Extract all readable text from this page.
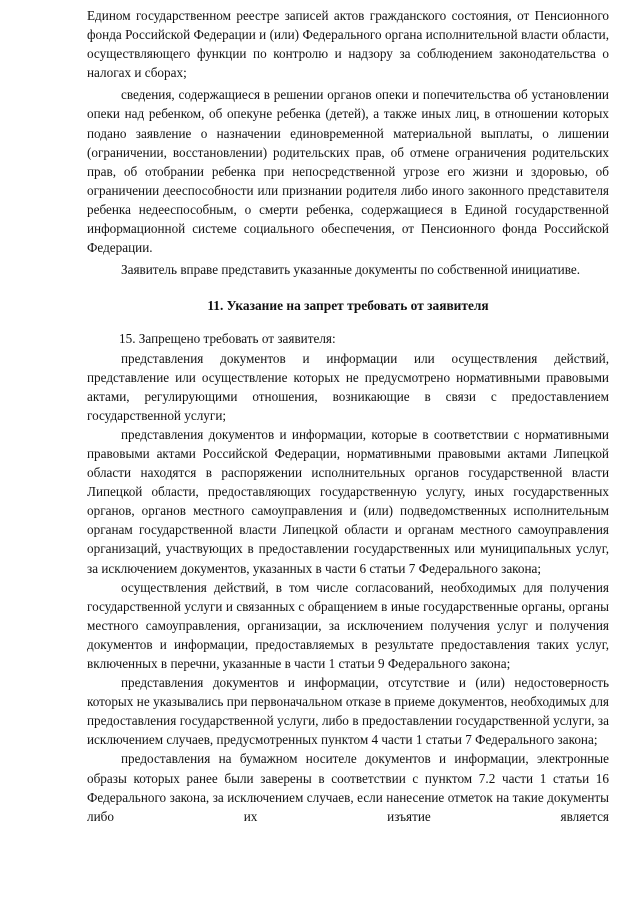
Едином государственном реестре записей актов гражданского состояния, от Пенсионного фонда Российской Федерации и (или) Федерального органа исполнительной власти области, осуществляющего функции по контролю и надзору за соблюдением законодательства о налогах и сборах;

сведения, содержащиеся в решении органов опеки и попечительства об установлении опеки над ребенком, об опекуне ребенка (детей), а также иных лиц, в отношении которых подано заявление о назначении единовременной материальной выплаты, о лишении (ограничении, восстановлении) родительских прав, об отмене ограничения родительских прав, об отобрании ребенка при непосредственной угрозе его жизни и здоровью, об ограничении дееспособности или признании родителя либо иного законного представителя ребенка недееспособным, о смерти ребенка, содержащиеся в Единой государственной информационной системе социального обеспечения, от Пенсионного фонда Российской Федерации.

Заявитель вправе представить указанные документы по собственной инициативе.

11. Указание на запрет требовать от заявителя

15. Запрещено требовать от заявителя:

представления документов и информации или осуществления действий, представление или осуществление которых не предусмотрено нормативными правовыми актами, регулирующими отношения, возникающие в связи с предоставлением государственной услуги;

представления документов и информации, которые в соответствии с нормативными правовыми актами Российской Федерации, нормативными правовыми актами Липецкой области находятся в распоряжении исполнительных органов государственной власти Липецкой области, предоставляющих государственную услугу, иных государственных органов, органов местного самоуправления и (или) подведомственных исполнительным органам государственной власти Липецкой области и органам местного самоуправления организаций, участвующих в предоставлении государственных или муниципальных услуг, за исключением документов, указанных в части 6 статьи 7 Федерального закона;

осуществления действий, в том числе согласований, необходимых для получения государственной услуги и связанных с обращением в иные государственные органы, органы местного самоуправления, организации, за исключением получения услуг и получения документов и информации, предоставляемых в результате предоставления таких услуг, включенных в перечни, указанные в части 1 статьи 9 Федерального закона;

представления документов и информации, отсутствие и (или) недостоверность которых не указывались при первоначальном отказе в приеме документов, необходимых для предоставления государственной услуги, либо в предоставлении государственной услуги, за исключением случаев, предусмотренных пунктом 4 части 1 статьи 7 Федерального закона;

предоставления на бумажном носителе документов и информации, электронные образы которых ранее были заверены в соответствии с пунктом 7.2 части 1 статьи 16 Федерального закона, за исключением случаев, если нанесение отметок на такие документы либо их изъятие является
